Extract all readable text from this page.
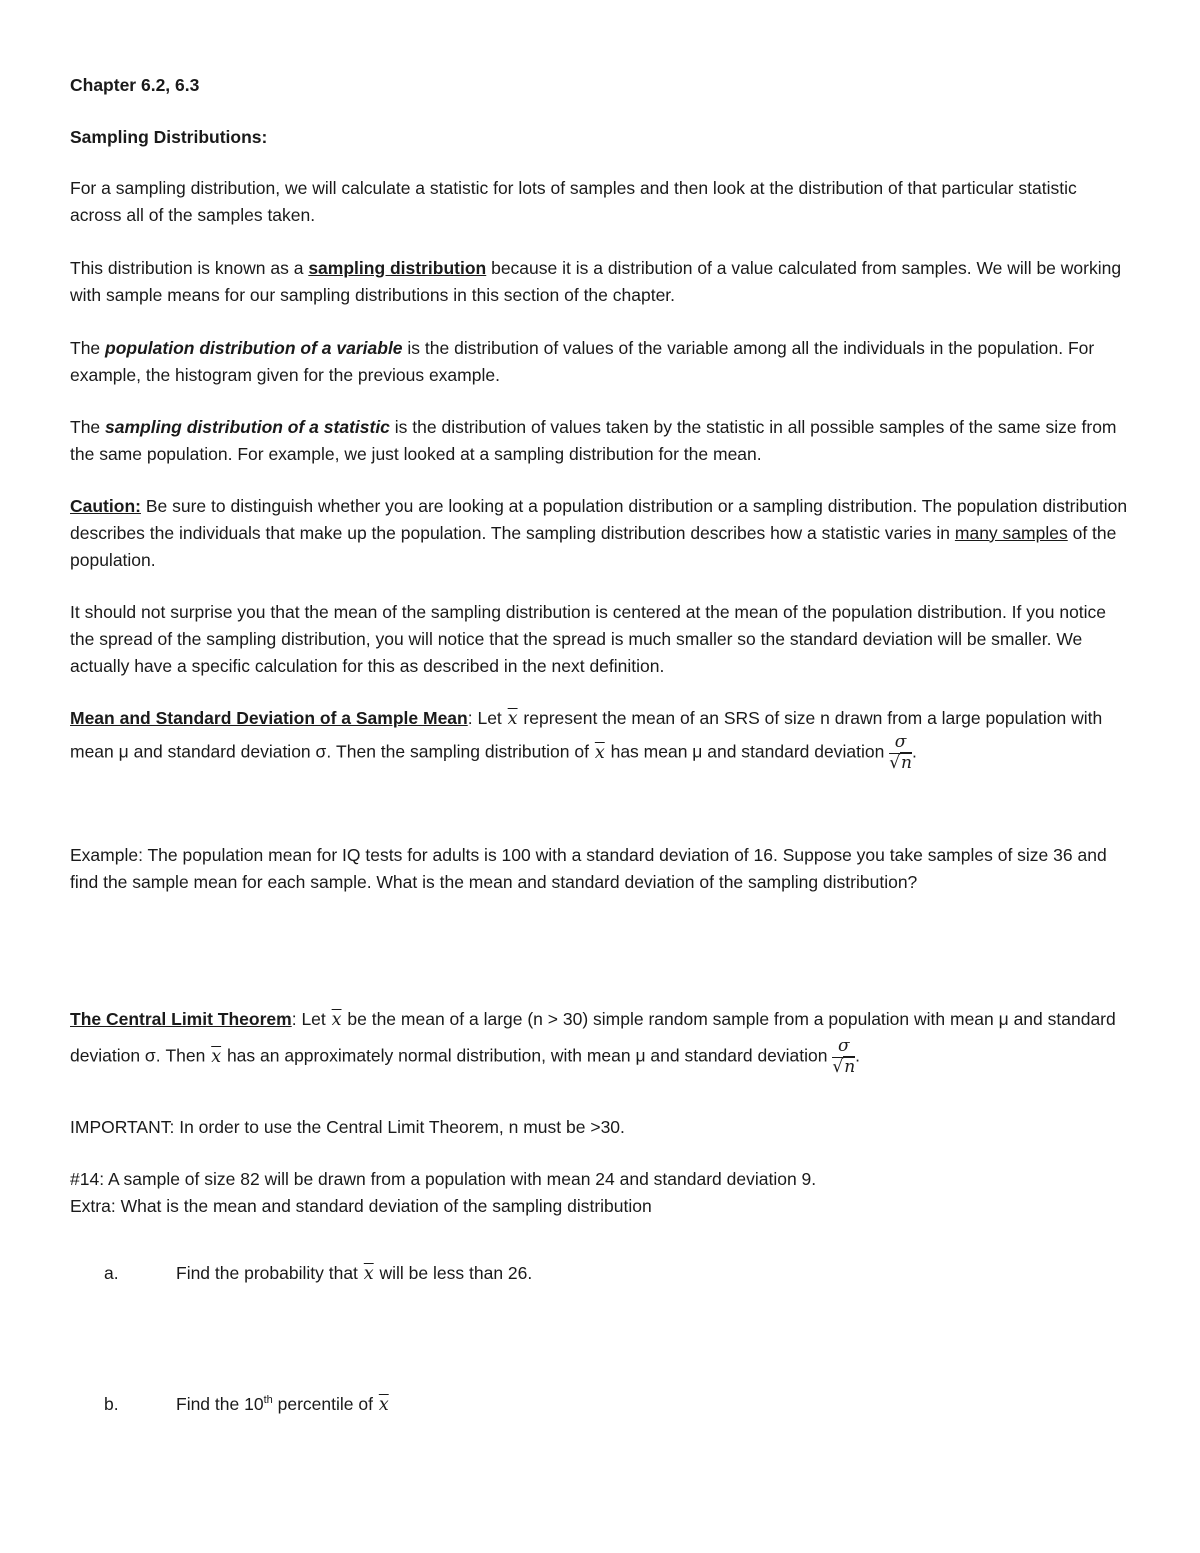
Chapter 6.2, 6.3

Sampling Distributions:

For a sampling distribution, we will calculate a statistic for lots of samples and then look at the distribution of that particular statistic across all of the samples taken.

This distribution is known as a sampling distribution because it is a distribution of a value calculated from samples. We will be working with sample means for our sampling distributions in this section of the chapter.

The population distribution of a variable is the distribution of values of the variable among all the individuals in the population. For example, the histogram given for the previous example.

The sampling distribution of a statistic is the distribution of values taken by the statistic in all possible samples of the same size from the same population. For example, we just looked at a sampling distribution for the mean.

Caution: Be sure to distinguish whether you are looking at a population distribution or a sampling distribution. The population distribution describes the individuals that make up the population. The sampling distribution describes how a statistic varies in many samples of the population.

It should not surprise you that the mean of the sampling distribution is centered at the mean of the population distribution. If you notice the spread of the sampling distribution, you will notice that the spread is much smaller so the standard deviation will be smaller. We actually have a specific calculation for this as described in the next definition.

Mean and Standard Deviation of a Sample Mean: Let $\overline{x}$ represent the mean of an SRS of size n drawn from a large population with mean μ and standard deviation σ. Then the sampling distribution of $\overline{x}$ has mean μ and standard deviation $\frac{\sigma}{√n}$ .

Example: The population mean for IQ tests for adults is 100 with a standard deviation of 16. Suppose you take samples of size 36 and find the sample mean for each sample. What is the mean and standard deviation of the sampling distribution?

The Central Limit Theorem: Let $\overline{x}$ be the mean of a large (n > 30) simple random sample from a population with mean μ and standard deviation σ. Then $\overline{x}$ has an approximately normal distribution, with mean μ and standard deviation $\frac{\sigma}{√n}$ .

IMPORTANT: In order to use the Central Limit Theorem, n must be >30.

#14: A sample of size 82 will be drawn from a population with mean 24 and standard deviation 9.
Extra: What is the mean and standard deviation of the sampling distribution

a.	Find the probability that $\overline{x}$ will be less than 26.

b.	Find the 10th percentile of $\overline{x}$
